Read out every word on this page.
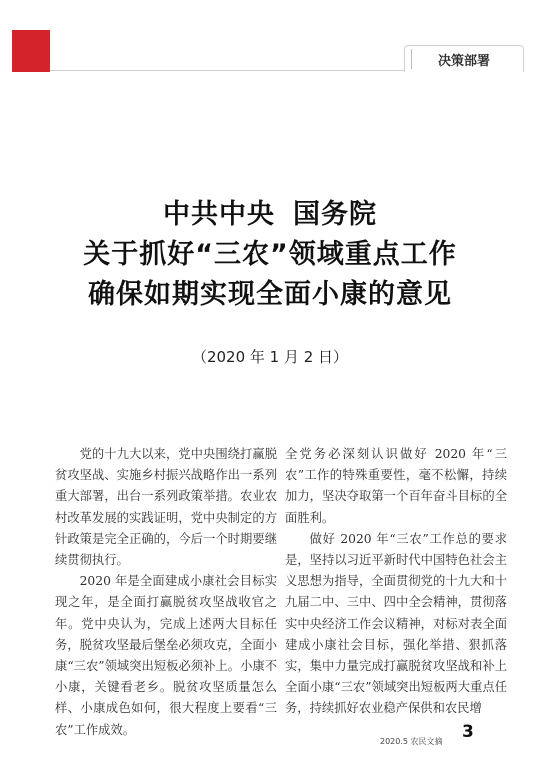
决策部署
中共中央 国务院
关于抓好“三农”领域重点工作
确保如期实现全面小康的意见
（2020 年 1 月 2 日）

党的十九大以来，党中央围绕打赢脱贫攻坚战、实施乡村振兴战略作出一系列重大部署，出台一系列政策举措。农业农村改革发展的实践证明，党中央制定的方针政策是完全正确的，今后一个时期要继续贯彻执行。

2020 年是全面建成小康社会目标实现之年，是全面打赢脱贫攻坚战收官之年。党中央认为，完成上述两大目标任务，脱贫攻坚最后堡垒必须攻克，全面小康“三农”领域突出短板必须补上。小康不小康，关键看老乡。脱贫攻坚质量怎么样、小康成色如何，很大程度上要看“三农”工作成效。

全党务必深刻认识做好 2020 年“三农”工作的特殊重要性，毫不松懈，持续加力，坚决夺取第一个百年奋斗目标的全面胜利。

做好 2020 年“三农”工作总的要求是，坚持以习近平新时代中国特色社会主义思想为指导，全面贯彻党的十九大和十九届二中、三中、四中全会精神，贯彻落实中央经济工作会议精神，对标对表全面建成小康社会目标，强化举措、狠抓落实，集中力量完成打赢脱贫攻坚战和补上全面小康“三农”领域突出短板两大重点任务，持续抓好农业稳产保供和农民增

2020.5 农民文摘 3
